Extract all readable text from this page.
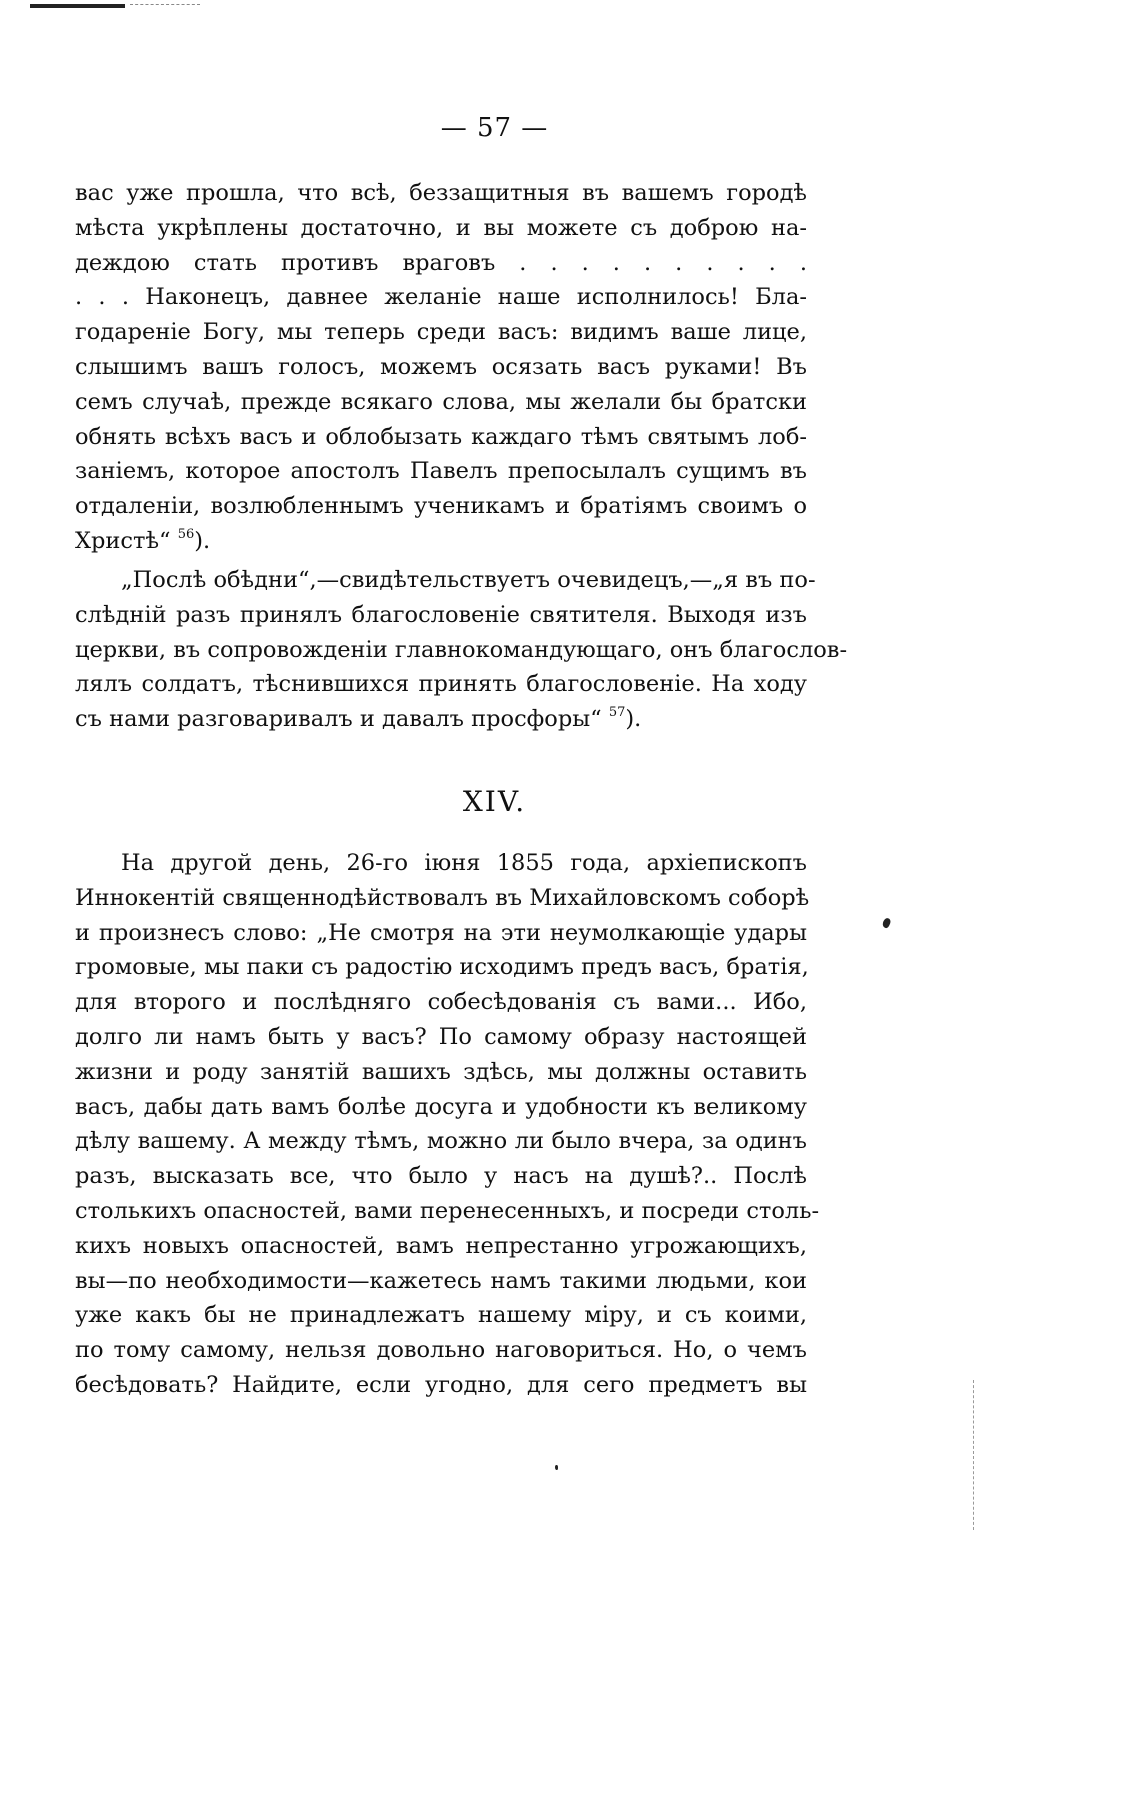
— 57 —
вас уже прошла, что всѣ, беззащитныя въ вашемъ городѣ
мѣста укрѣплены достаточно, и вы можете съ доброю на-
деждою стать противъ враговъ . . . . . . . . . .
. . . Наконецъ, давнее желаніе наше исполнилось! Бла-
годареніе Богу, мы теперь среди васъ: видимъ ваше лице,
слышимъ вашъ голосъ, можемъ осязать васъ руками! Въ
семъ случаѣ, прежде всякаго слова, мы желали бы братски
обнять всѣхъ васъ и облобызать каждаго тѣмъ святымъ лоб-
заніемъ, которое апостолъ Павелъ препосылалъ сущимъ въ
отдаленіи, возлюбленнымъ ученикамъ и братіямъ своимъ о
Христѣ“ $^{56}$).
„Послѣ обѣдни“,—свидѣтельствуетъ очевидецъ,—„я въ по-
слѣдній разъ принялъ благословеніе святителя. Выходя изъ
церкви, въ сопровожденіи главнокомандующаго, онъ благослов-
лялъ солдатъ, тѣснившихся принять благословеніе. На ходу
съ нами разговаривалъ и давалъ просфоры“ $^{57}$).
XIV.
На другой день, 26-го іюня 1855 года, архіепископъ
Иннокентій священнодѣйствовалъ въ Михайловскомъ соборѣ
и произнесъ слово: „Не смотря на эти неумолкающіе удары
громовые, мы паки съ радостію исходимъ предъ васъ, братія,
для второго и послѣдняго собесѣдованія съ вами... Ибо,
долго ли намъ быть у васъ? По самому образу настоящей
жизни и роду занятій вашихъ здѣсь, мы должны оставить
васъ, дабы дать вамъ болѣе досуга и удобности къ великому
дѣлу вашему. А между тѣмъ, можно ли было вчера, за одинъ
разъ, высказать все, что было у насъ на душѣ?.. Послѣ
столькихъ опасностей, вами перенесенныхъ, и посреди столь-
кихъ новыхъ опасностей, вамъ непрестанно угрожающихъ,
вы—по необходимости—кажетесь намъ такими людьми, кои
уже какъ бы не принадлежатъ нашему міру, и съ коими,
по тому самому, нельзя довольно наговориться. Но, о чемъ
бесѣдовать? Найдите, если угодно, для сего предметъ вы
